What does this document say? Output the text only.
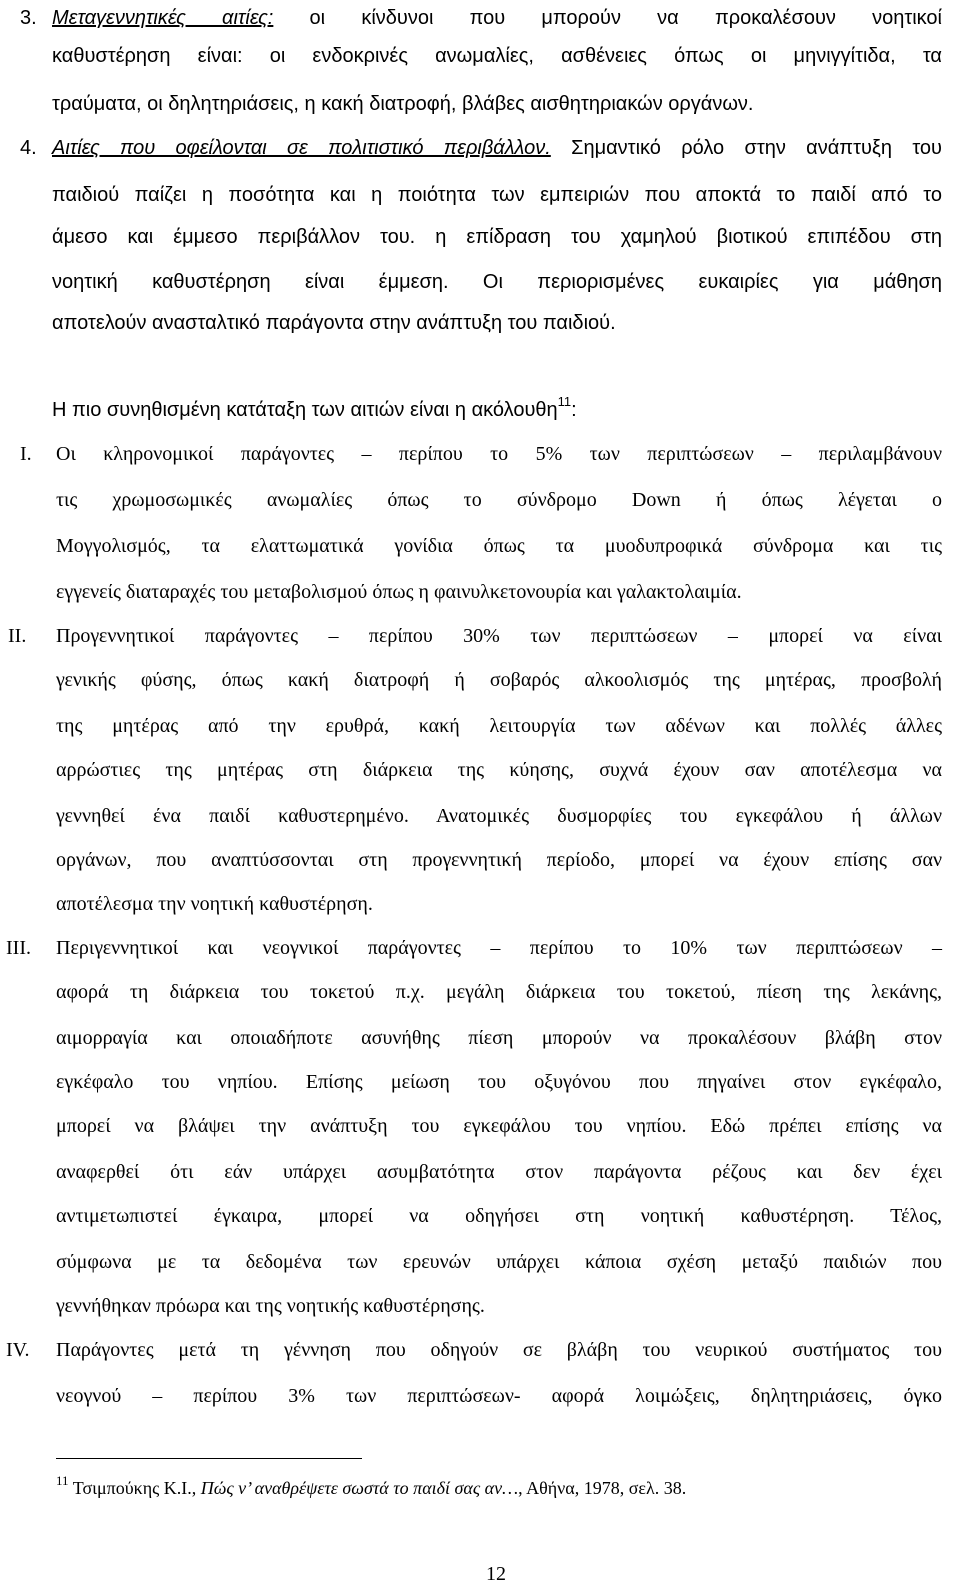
3. Μεταγεννητικές αιτίες: οι κίνδυνοι που μπορούν να προκαλέσουν νοητικοί
καθυστέρηση είναι: οι ενδοκρινές ανωμαλίες, ασθένειες όπως οι μηνιγγίτιδα, τα
τραύματα, οι δηλητηριάσεις, η κακή διατροφή, βλάβες αισθητηριακών οργάνων.
4. Αιτίες που οφείλονται σε πολιτιστικό περιβάλλον. Σημαντικό ρόλο στην ανάπτυξη του
παιδιού παίζει η ποσότητα και η ποιότητα των εμπειριών που αποκτά το παιδί από το
άμεσο και έμμεσο περιβάλλον του. η επίδραση του χαμηλού βιοτικού επιπέδου στη
νοητική καθυστέρηση είναι έμμεση. Οι περιορισμένες ευκαιρίες για μάθηση
αποτελούν ανασταλτικό παράγοντα στην ανάπτυξη του παιδιού.
Η πιο συνηθισμένη κατάταξη των αιτιών είναι η ακόλουθη$^{11}$:
I. Οι κληρονομικοί παράγοντες – περίπου το 5% των περιπτώσεων – περιλαμβάνουν
τις χρωμοσωμικές ανωμαλίες όπως το σύνδρομο Down ή όπως λέγεται ο
Μογγολισμός, τα ελαττωματικά γονίδια όπως τα μυοδυπροφικά σύνδρομα και τις
εγγενείς διαταραχές του μεταβολισμού όπως η φαινυλκετονουρία και γαλακτολαιμία.
II. Προγεννητικοί παράγοντες – περίπου 30% των περιπτώσεων – μπορεί να είναι
γενικής φύσης, όπως κακή διατροφή ή σοβαρός αλκοολισμός της μητέρας, προσβολή
της μητέρας από την ερυθρά, κακή λειτουργία των αδένων και πολλές άλλες
αρρώστιες της μητέρας στη διάρκεια της κύησης, συχνά έχουν σαν αποτέλεσμα να
γεννηθεί ένα παιδί καθυστερημένο. Ανατομικές δυσμορφίες του εγκεφάλου ή άλλων
οργάνων, που αναπτύσσονται στη προγεννητική περίοδο, μπορεί να έχουν επίσης σαν
αποτέλεσμα την νοητική καθυστέρηση.
III. Περιγεννητικοί και νεογνικοί παράγοντες – περίπου το 10% των περιπτώσεων –
αφορά τη διάρκεια του τοκετού π.χ. μεγάλη διάρκεια του τοκετού, πίεση της λεκάνης,
αιμορραγία και οποιαδήποτε ασυνήθης πίεση μπορούν να προκαλέσουν βλάβη στον
εγκέφαλο του νηπίου. Επίσης μείωση του οξυγόνου που πηγαίνει στον εγκέφαλο,
μπορεί να βλάψει την ανάπτυξη του εγκεφάλου του νηπίου. Εδώ πρέπει επίσης να
αναφερθεί ότι εάν υπάρχει ασυμβατότητα στον παράγοντα ρέζους και δεν έχει
αντιμετωπιστεί έγκαιρα, μπορεί να οδηγήσει στη νοητική καθυστέρηση. Τέλος,
σύμφωνα με τα δεδομένα των ερευνών υπάρχει κάποια σχέση μεταξύ παιδιών που
γεννήθηκαν πρόωρα και της νοητικής καθυστέρησης.
IV. Παράγοντες μετά τη γέννηση που οδηγούν σε βλάβη του νευρικού συστήματος του
νεογνού – περίπου 3% των περιπτώσεων- αφορά λοιμώξεις, δηλητηριάσεις, όγκο
$^{11}$ Τσιμπούκης Κ.Ι., Πώς ν’ αναθρέψετε σωστά το παιδί σας αν…, Αθήνα, 1978, σελ. 38.
12
